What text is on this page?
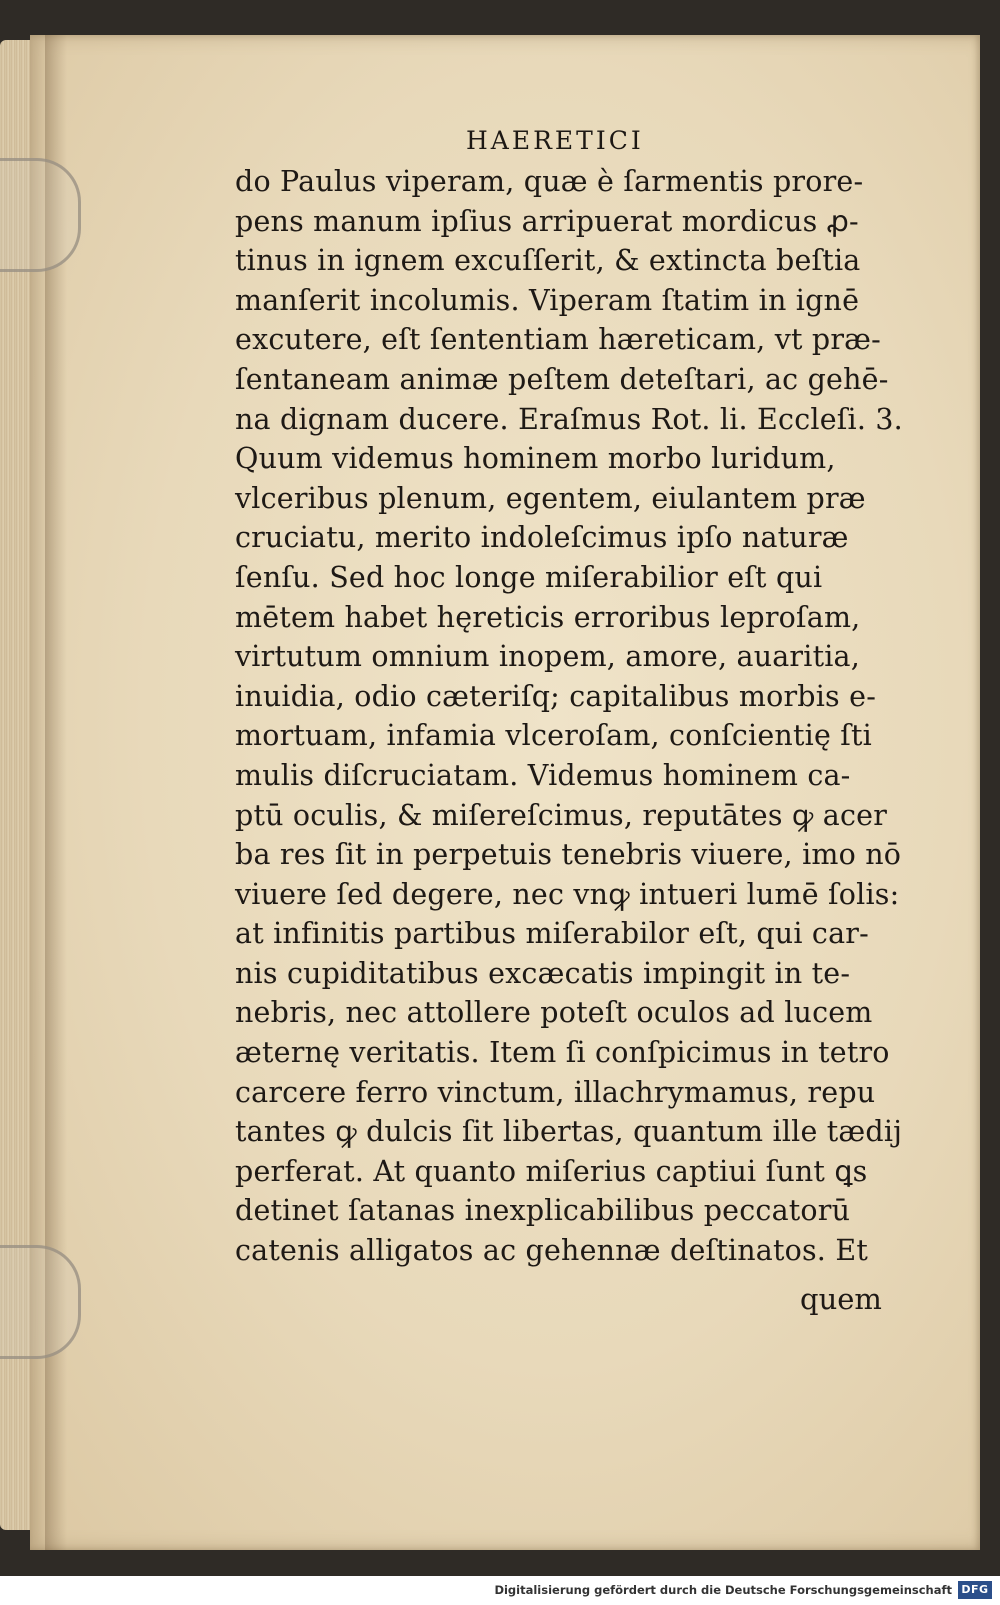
HAERETICI
do Paulus viperam, quæ è ſarmentis prore-
pens manum ipſius arripuerat mordicus ꝓ-
tinus in ignem excuſſerit, & extincta beſtia
manſerit incolumis. Viperam ſtatim in ignē
excutere, eſt ſententiam hæreticam, vt præ-
ſentaneam animæ peſtem deteſtari, ac gehē-
na dignam ducere. Eraſmus Rot. li. Eccleſi. 3.
Quum videmus hominem morbo luridum,
vlceribus plenum, egentem, eiulantem præ
cruciatu, merito indoleſcimus ipſo naturæ
ſenſu. Sed hoc longe miſerabilior eſt qui
mētem habet hęreticis erroribus leproſam,
virtutum omnium inopem, amore, auaritia,
inuidia, odio cæteriſq; capitalibus morbis e-
mortuam, infamia vlceroſam, conſcientię ſti
mulis diſcruciatam. Videmus hominem ca-
ptū oculis, & miſereſcimus, reputātes ꝙ acer
ba res ſit in perpetuis tenebris viuere, imo nō
viuere ſed degere, nec vnꝙ intueri lumē ſolis:
at infinitis partibus miſerabilor eſt, qui car-
nis cupiditatibus excæcatis impingit in te-
nebris, nec attollere poteſt oculos ad lucem
æternę veritatis. Item ſi conſpicimus in tetro
carcere ferro vinctum, illachrymamus, repu
tantes ꝙ dulcis ſit libertas, quantum ille tædij
perferat. At quanto miſerius captiui ſunt ꝗs
detinet ſatanas inexplicabilibus peccatorū
catenis alligatos ac gehennæ deſtinatos. Et
quem
Digitalisierung gefördert durch die Deutsche Forschungsgemeinschaft DFG
